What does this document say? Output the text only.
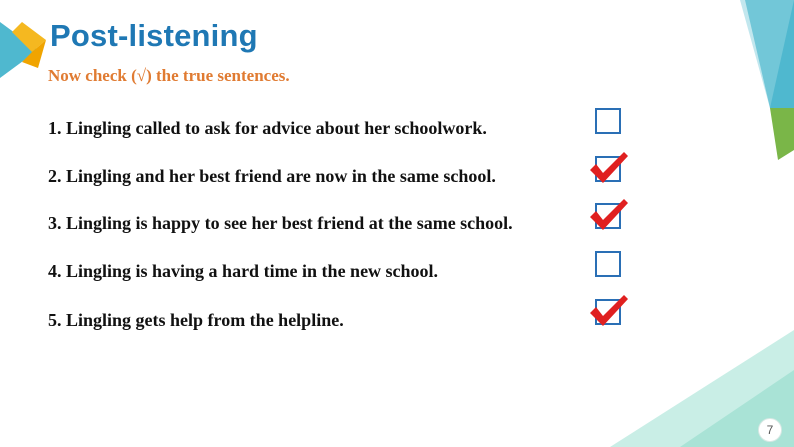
Post-listening
Now check (√) the true sentences.
1. Lingling called to ask for advice about her schoolwork.
2. Lingling and her best friend are now in the same school.
3. Lingling is happy to see her best friend at the same school.
4. Lingling is having a hard time in the new school.
5. Lingling gets help from the helpline.
7
